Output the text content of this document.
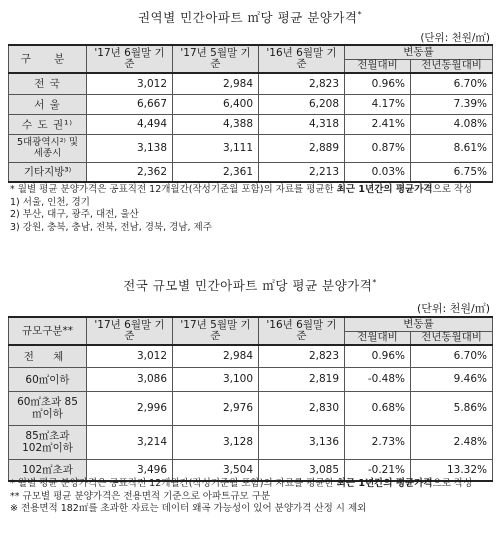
권역별 민간아파트 ㎡당 평균 분양가격*
(단위: 천원/㎡)
구 분	'17년 6월말 기준	'17년 5월말 기준	'16년 6월말 기준	변동률	
				전월대비	전년동월대비
전 국	3,012	2,984	2,823	0.96%	6.70%
서 울	6,667	6,400	6,208	4.17%	7.39%
수 도 권¹⁾	4,494	4,388	4,318	2.41%	4.08%
5대광역시²⁾ 및 세종시	3,138	3,111	2,889	0.87%	8.61%
기타지방³⁾	2,362	2,361	2,213	0.03%	6.75%
* 월별 평균 분양가격은 공표직전 12개월간(작성기준월 포함)의 자료를 평균한 최근 1년간의 평균가격으로 작성
1) 서울, 인천, 경기
2) 부산, 대구, 광주, 대전, 울산
3) 강원, 충북, 충남, 전북, 전남, 경북, 경남, 제주
전국 규모별 민간아파트 ㎡당 평균 분양가격*
(단위: 천원/㎡)
규모구분**	'17년 6월말 기준	'17년 5월말 기준	'16년 6월말 기준	변동률	
				전월대비	전년동월대비
전 체	3,012	2,984	2,823	0.96%	6.70%
60㎡이하	3,086	3,100	2,819	-0.48%	9.46%
60㎡초과 85㎡이하	2,996	2,976	2,830	0.68%	5.86%
85㎡초과 102㎡이하	3,214	3,128	3,136	2.73%	2.48%
102㎡초과	3,496	3,504	3,085	-0.21%	13.32%
* 월별 평균 분양가격은 공표직전 12개월간(작성기준월 포함)의 자료를 평균한 최근 1년간의 평균가격으로 작성
** 규모별 평균 분양가격은 전용면적 기준으로 아파트규모 구분
※ 전용면적 182㎡를 초과한 자료는 데이터 왜곡 가능성이 있어 분양가격 산정 시 제외
